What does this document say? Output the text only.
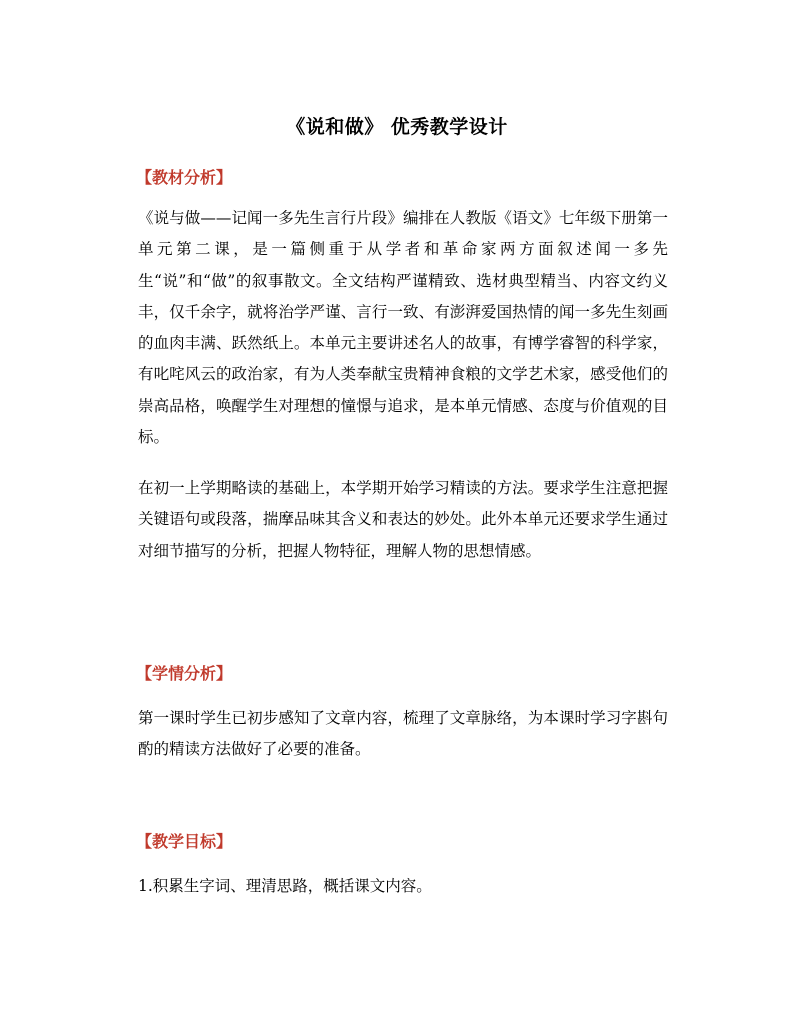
《说和做》 优秀教学设计
【教材分析】

《说与做——记闻一多先生言行片段》编排在人教版《语文》七年级下册第一单元第二课，是一篇侧重于从学者和革命家两方面叙述闻一多先生“说”和“做”的叙事散文。全文结构严谨精致、选材典型精当、内容文约义丰，仅千余字，就将治学严谨、言行一致、有澎湃爱国热情的闻一多先生刻画的血肉丰满、跃然纸上。本单元主要讲述名人的故事，有博学睿智的科学家，有叱咤风云的政治家，有为人类奉献宝贵精神食粮的文学艺术家，感受他们的崇高品格，唤醒学生对理想的憧憬与追求，是本单元情感、态度与价值观的目标。

在初一上学期略读的基础上，本学期开始学习精读的方法。要求学生注意把握关键语句或段落，揣摩品味其含义和表达的妙处。此外本单元还要求学生通过对细节描写的分析，把握人物特征，理解人物的思想情感。

【学情分析】

第一课时学生已初步感知了文章内容，梳理了文章脉络，为本课时学习字斟句酌的精读方法做好了必要的准备。

【教学目标】

1.积累生字词、理清思路，概括课文内容。
